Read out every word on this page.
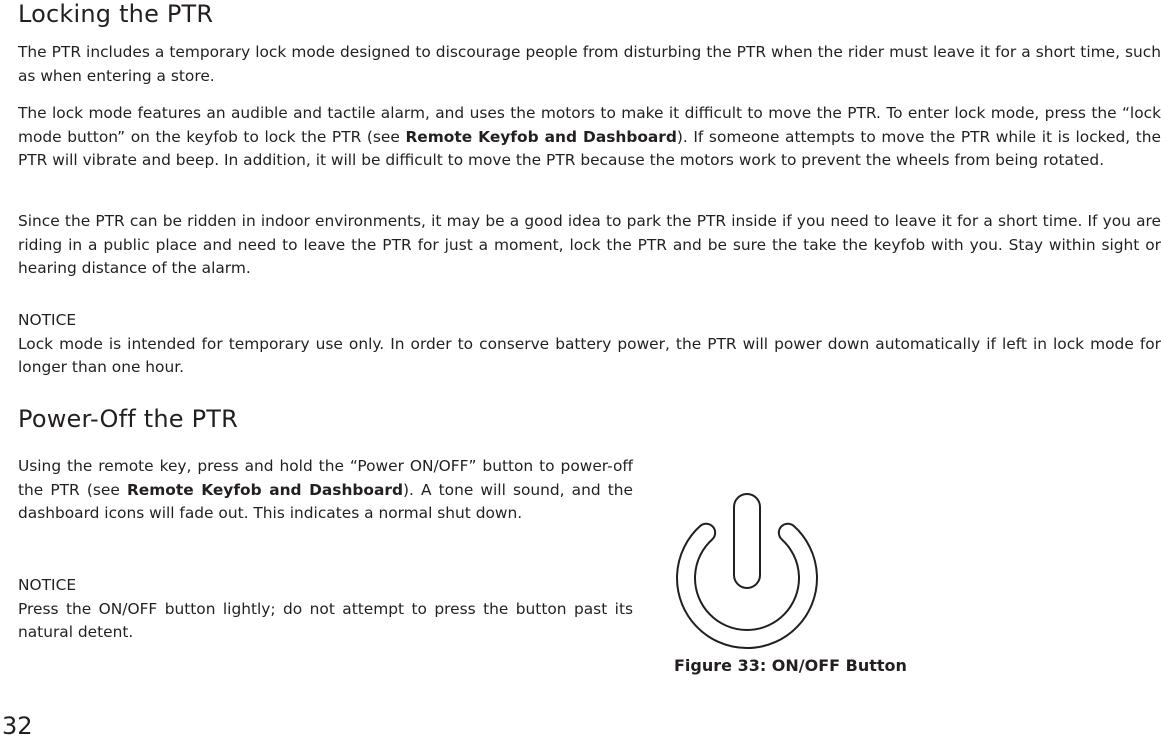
Locking the PTR

The PTR includes a temporary lock mode designed to discourage people from disturbing the PTR when the rider must leave it for a short time, such as when entering a store.

The lock mode features an audible and tactile alarm, and uses the motors to make it difficult to move the PTR. To enter lock mode, press the “lock mode button” on the keyfob to lock the PTR (see Remote Keyfob and Dashboard). If someone attempts to move the PTR while it is locked, the PTR will vibrate and beep. In addition, it will be difficult to move the PTR because the motors work to prevent the wheels from being rotated.

Since the PTR can be ridden in indoor environments, it may be a good idea to park the PTR inside if you need to leave it for a short time. If you are riding in a public place and need to leave the PTR for just a moment, lock the PTR and be sure the take the keyfob with you. Stay within sight or hearing distance of the alarm.

NOTICE
Lock mode is intended for temporary use only. In order to conserve battery power, the PTR will power down automatically if left in lock mode for longer than one hour.
Power-Off the PTR

Using the remote key, press and hold the “Power ON/OFF” button to power-off the PTR (see Remote Keyfob and Dashboard). A tone will sound, and the dashboard icons will fade out. This indicates a normal shut down.

NOTICE
Press the ON/OFF button lightly; do not attempt to press the button past its natural detent.

Figure 33: ON/OFF Button

32
